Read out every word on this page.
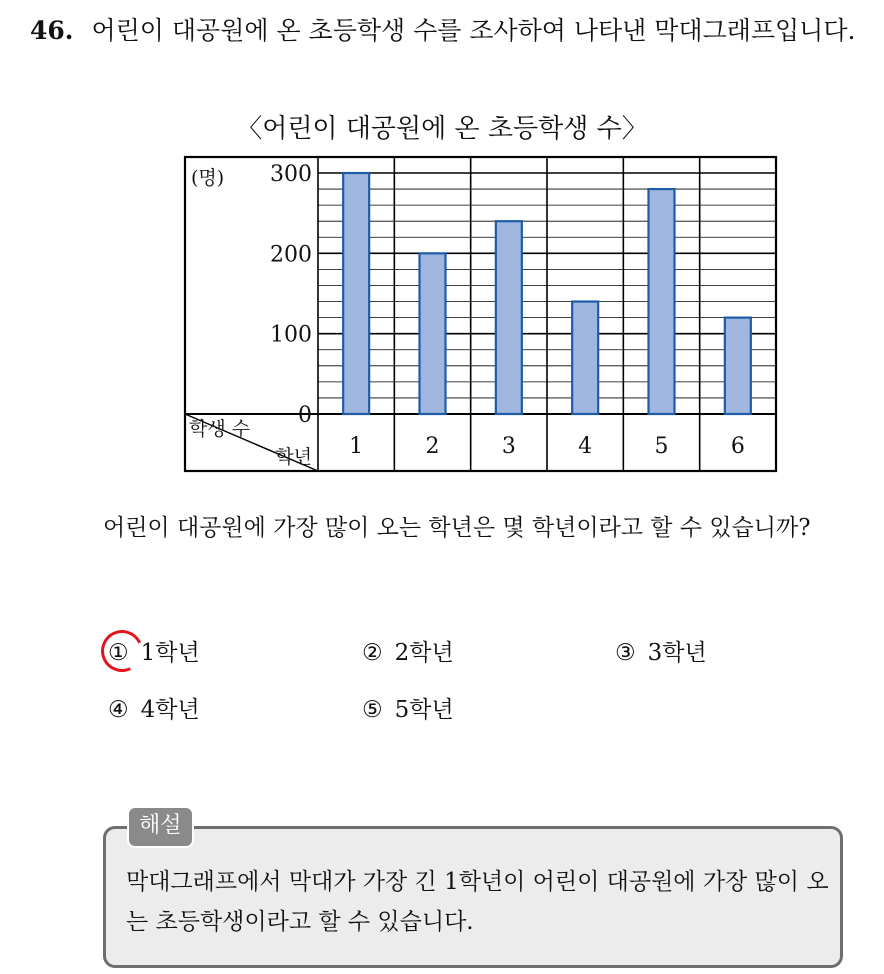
46. 어린이 대공원에 온 초등학생 수를 조사하여 나타낸 막대그래프입니다.
〈어린이 대공원에 온 초등학생 수〉
0
100
200
300
(명)
1	2	3	4	5	6
학생 수
학년
어린이 대공원에 가장 많이 오는 학년은 몇 학년이라고 할 수 있습니까?
① 1학년	② 2학년	③ 3학년
④ 4학년	⑤ 5학년
해설
막대그래프에서 막대가 가장 긴 1학년이 어린이 대공원에 가장 많이 오는 초등학생이라고 할 수 있습니다.
